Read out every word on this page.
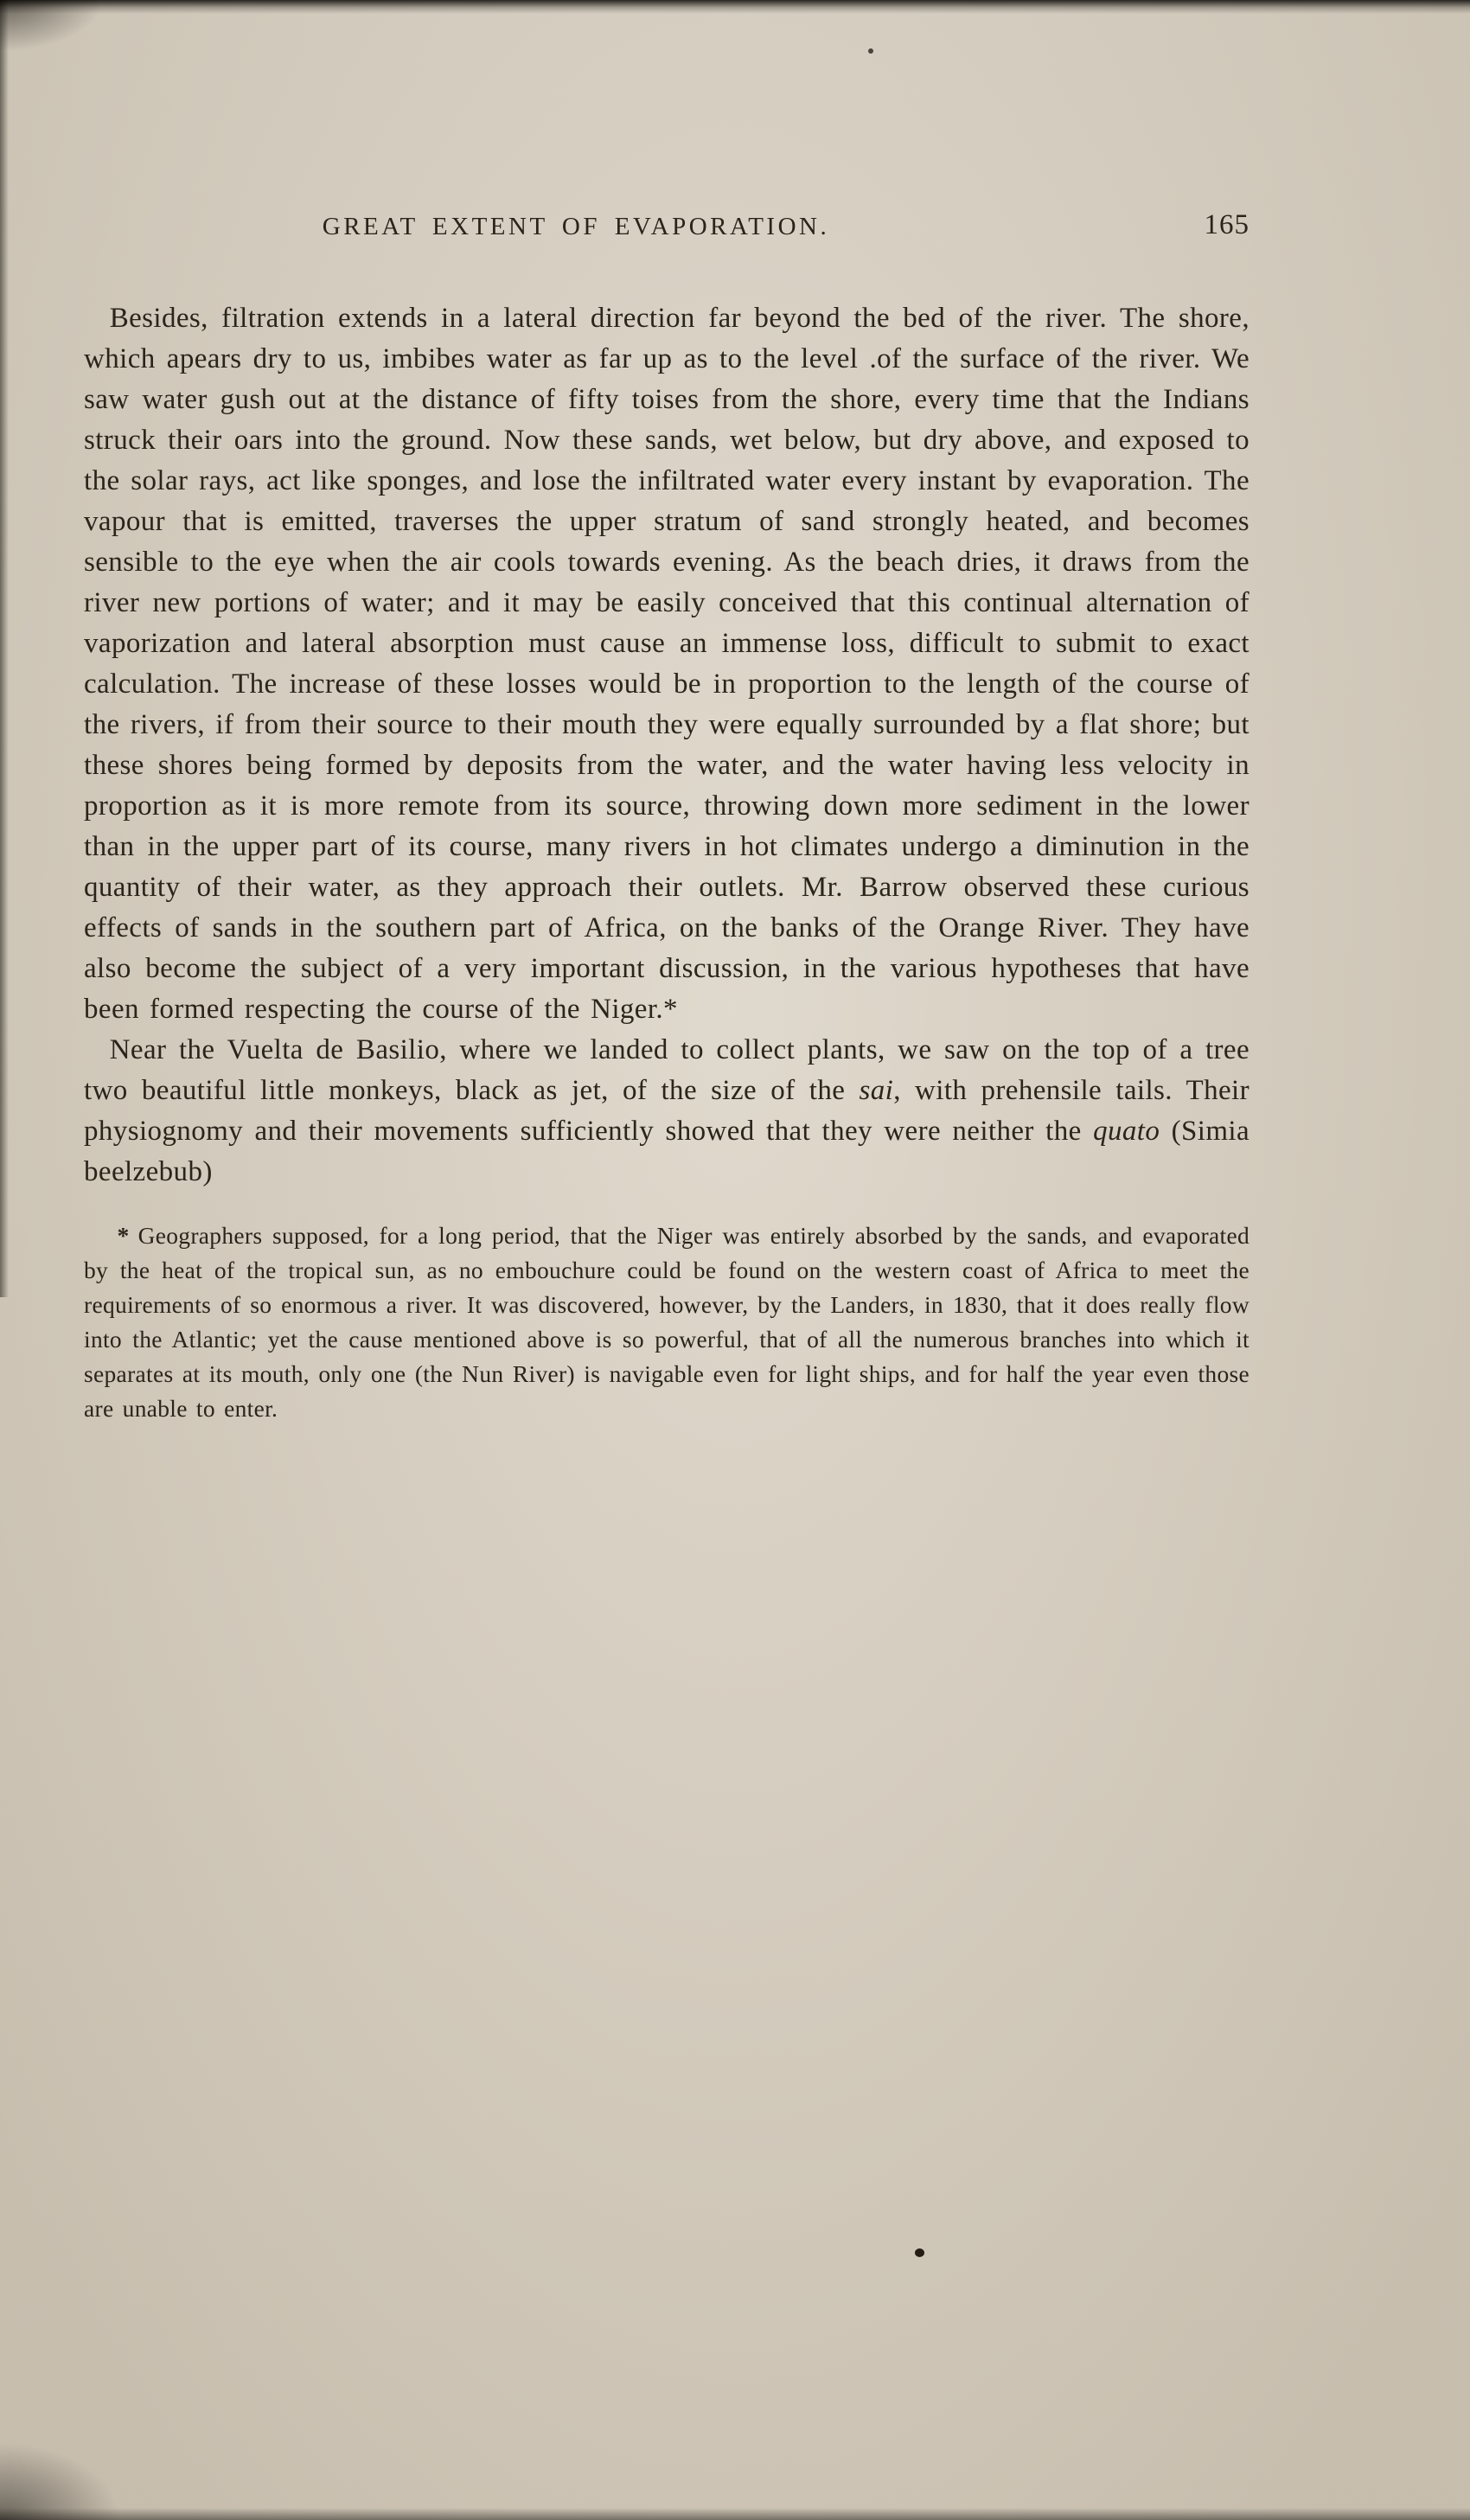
GREAT EXTENT OF EVAPORATION.	165

Besides, filtration extends in a lateral direction far beyond the bed of the river. The shore, which apears dry to us, imbibes water as far up as to the level .of the surface of the river. We saw water gush out at the distance of fifty toises from the shore, every time that the Indians struck their oars into the ground. Now these sands, wet below, but dry above, and exposed to the solar rays, act like sponges, and lose the infiltrated water every instant by evaporation. The vapour that is emitted, traverses the upper stratum of sand strongly heated, and becomes sensible to the eye when the air cools towards evening. As the beach dries, it draws from the river new portions of water; and it may be easily conceived that this continual alternation of vaporization and lateral absorption must cause an immense loss, difficult to submit to exact calculation. The increase of these losses would be in proportion to the length of the course of the rivers, if from their source to their mouth they were equally surrounded by a flat shore; but these shores being formed by deposits from the water, and the water having less velocity in proportion as it is more remote from its source, throwing down more sediment in the lower than in the upper part of its course, many rivers in hot climates undergo a diminution in the quantity of their water, as they approach their outlets. Mr. Barrow observed these curious effects of sands in the southern part of Africa, on the banks of the Orange River. They have also become the subject of a very important discussion, in the various hypotheses that have been formed respecting the course of the Niger.*

Near the Vuelta de Basilio, where we landed to collect plants, we saw on the top of a tree two beautiful little monkeys, black as jet, of the size of the sai, with prehensile tails. Their physiognomy and their movements sufficiently showed that they were neither the quato (Simia beelzebub)

* Geographers supposed, for a long period, that the Niger was entirely absorbed by the sands, and evaporated by the heat of the tropical sun, as no embouchure could be found on the western coast of Africa to meet the requirements of so enormous a river. It was discovered, however, by the Landers, in 1830, that it does really flow into the Atlantic; yet the cause mentioned above is so powerful, that of all the numerous branches into which it separates at its mouth, only one (the Nun River) is navigable even for light ships, and for half the year even those are unable to enter.
